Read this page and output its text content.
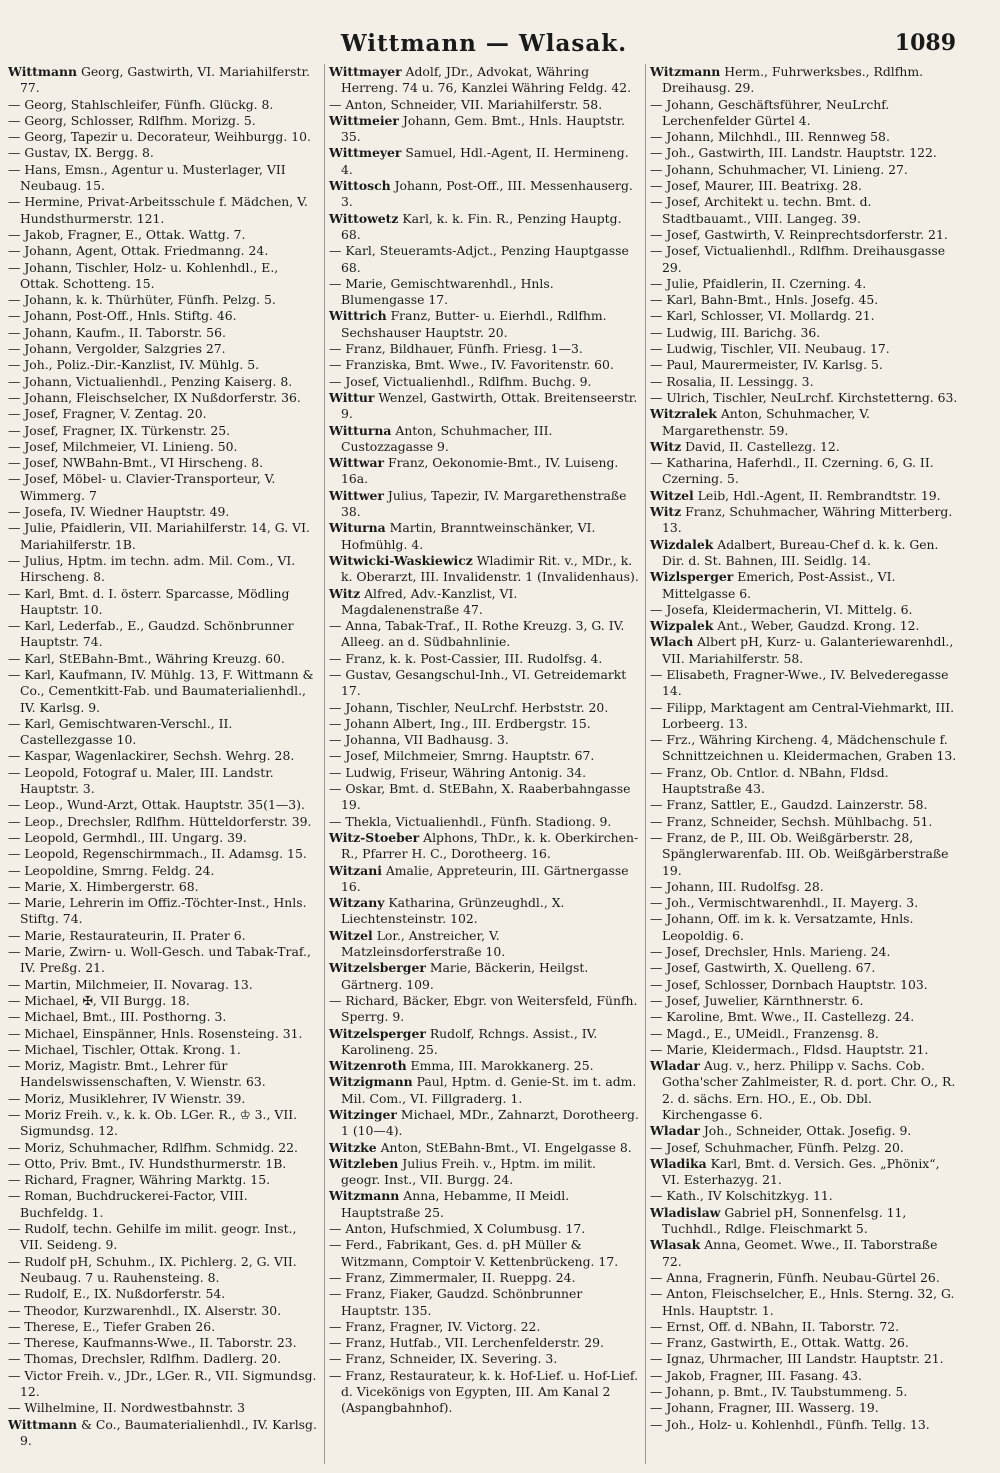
Wittmann — Wlasak.	1089

Wittmann Georg, Gastwirth, VI. Mariahilferstr. 77.

— Georg, Stahlschleifer, Fünfh. Glückg. 8.

— Georg, Schlosser, Rdlfhm. Morizg. 5.

— Georg, Tapezir u. Decorateur, Weihburgg. 10.

— Gustav, IX. Bergg. 8.

— Hans, Emsn., Agentur u. Musterlager, VII Neubaug. 15.

— Hermine, Privat-Arbeitsschule f. Mädchen, V. Hundsthurmerstr. 121.

— Jakob, Fragner, E., Ottak. Wattg. 7.

— Johann, Agent, Ottak. Friedmanng. 24.

— Johann, Tischler, Holz- u. Kohlenhdl., E., Ottak. Schotteng. 15.

— Johann, k. k. Thürhüter, Fünfh. Pelzg. 5.

— Johann, Post-Off., Hnls. Stiftg. 46.

— Johann, Kaufm., II. Taborstr. 56.

— Johann, Vergolder, Salzgries 27.

— Joh., Poliz.-Dir.-Kanzlist, IV. Mühlg. 5.

— Johann, Victualienhdl., Penzing Kaiserg. 8.

— Johann, Fleischselcher, IX Nußdorferstr. 36.

— Josef, Fragner, V. Zentag. 20.

— Josef, Fragner, IX. Türkenstr. 25.

— Josef, Milchmeier, VI. Linieng. 50.

— Josef, NWBahn-Bmt., VI Hirscheng. 8.

— Josef, Möbel- u. Clavier-Transporteur, V. Wimmerg. 7

— Josefa, IV. Wiedner Hauptstr. 49.

— Julie, Pfaidlerin, VII. Mariahilferstr. 14, G. VI. Mariahilferstr. 1B.

— Julius, Hptm. im techn. adm. Mil. Com., VI. Hirscheng. 8.

— Karl, Bmt. d. I. österr. Sparcasse, Mödling Hauptstr. 10.

— Karl, Lederfab., E., Gaudzd. Schönbrunner Hauptstr. 74.

— Karl, StEBahn-Bmt., Währing Kreuzg. 60.

— Karl, Kaufmann, IV. Mühlg. 13, F. Wittmann & Co., Cementkitt-Fab. und Baumaterialienhdl., IV. Karlsg. 9.

— Karl, Gemischtwaren-Verschl., II. Castellezgasse 10.

— Kaspar, Wagenlackirer, Sechsh. Wehrg. 28.

— Leopold, Fotograf u. Maler, III. Landstr. Hauptstr. 3.

— Leop., Wund-Arzt, Ottak. Hauptstr. 35(1—3).

— Leop., Drechsler, Rdlfhm. Hütteldorferstr. 39.

— Leopold, Germhdl., III. Ungarg. 39.

— Leopold, Regenschirmmach., II. Adamsg. 15.

— Leopoldine, Smrng. Feldg. 24.

— Marie, X. Himbergerstr. 68.

— Marie, Lehrerin im Offiz.-Töchter-Inst., Hnls. Stiftg. 74.

— Marie, Restaurateurin, II. Prater 6.

— Marie, Zwirn- u. Woll-Gesch. und Tabak-Traf., IV. Preßg. 21.

— Martin, Milchmeier, II. Novarag. 13.

— Michael, ✠, VII Burgg. 18.

— Michael, Bmt., III. Posthorng. 3.

— Michael, Einspänner, Hnls. Rosensteing. 31.

— Michael, Tischler, Ottak. Krong. 1.

— Moriz, Magistr. Bmt., Lehrer für Handelswissenschaften, V. Wienstr. 63.

— Moriz, Musiklehrer, IV Wienstr. 39.

— Moriz Freih. v., k. k. Ob. LGer. R., ♔ 3., VII. Sigmundsg. 12.

— Moriz, Schuhmacher, Rdlfhm. Schmidg. 22.

— Otto, Priv. Bmt., IV. Hundsthurmerstr. 1B.

— Richard, Fragner, Währing Marktg. 15.

— Roman, Buchdruckerei-Factor, VIII. Buchfeldg. 1.

— Rudolf, techn. Gehilfe im milit. geogr. Inst., VII. Seideng. 9.

— Rudolf pH, Schuhm., IX. Pichlerg. 2, G. VII. Neubaug. 7 u. Rauhensteing. 8.

— Rudolf, E., IX. Nußdorferstr. 54.

— Theodor, Kurzwarenhdl., IX. Alserstr. 30.

— Therese, E., Tiefer Graben 26.

— Therese, Kaufmanns-Wwe., II. Taborstr. 23.

— Thomas, Drechsler, Rdlfhm. Dadlerg. 20.

— Victor Freih. v., JDr., LGer. R., VII. Sigmundsg. 12.

— Wilhelmine, II. Nordwestbahnstr. 3

Wittmann & Co., Baumaterialienhdl., IV. Karlsg. 9.

Wittmayer Adolf, JDr., Advokat, Währing Herreng. 74 u. 76, Kanzlei Währing Feldg. 42.

— Anton, Schneider, VII. Mariahilferstr. 58.

Wittmeier Johann, Gem. Bmt., Hnls. Hauptstr. 35.

Wittmeyer Samuel, Hdl.-Agent, II. Hermineng. 4.

Wittosch Johann, Post-Off., III. Messenhauserg. 3.

Wittowetz Karl, k. k. Fin. R., Penzing Hauptg. 68.

— Karl, Steueramts-Adjct., Penzing Hauptgasse 68.

— Marie, Gemischtwarenhdl., Hnls. Blumengasse 17.

Wittrich Franz, Butter- u. Eierhdl., Rdlfhm. Sechshauser Hauptstr. 20.

— Franz, Bildhauer, Fünfh. Friesg. 1—3.

— Franziska, Bmt. Wwe., IV. Favoritenstr. 60.

— Josef, Victualienhdl., Rdlfhm. Buchg. 9.

Wittur Wenzel, Gastwirth, Ottak. Breitenseerstr. 9.

Witturna Anton, Schuhmacher, III. Custozzagasse 9.

Wittwar Franz, Oekonomie-Bmt., IV. Luiseng. 16a.

Wittwer Julius, Tapezir, IV. Margarethenstraße 38.

Witurna Martin, Branntweinschänker, VI. Hofmühlg. 4.

Witwicki-Waskiewicz Wladimir Rit. v., MDr., k. k. Oberarzt, III. Invalidenstr. 1 (Invalidenhaus).

Witz Alfred, Adv.-Kanzlist, VI. Magdalenenstraße 47.

— Anna, Tabak-Traf., II. Rothe Kreuzg. 3, G. IV. Alleeg. an d. Südbahnlinie.

— Franz, k. k. Post-Cassier, III. Rudolfsg. 4.

— Gustav, Gesangschul-Inh., VI. Getreidemarkt 17.

— Johann, Tischler, NeuLrchf. Herbststr. 20.

— Johann Albert, Ing., III. Erdbergstr. 15.

— Johanna, VII Badhausg. 3.

— Josef, Milchmeier, Smrng. Hauptstr. 67.

— Ludwig, Friseur, Währing Antonig. 34.

— Oskar, Bmt. d. StEBahn, X. Raaberbahngasse 19.

— Thekla, Victualienhdl., Fünfh. Stadiong. 9.

Witz-Stoeber Alphons, ThDr., k. k. Oberkirchen-R., Pfarrer H. C., Dorotheerg. 16.

Witzani Amalie, Appreteurin, III. Gärtnergasse 16.

Witzany Katharina, Grünzeughdl., X. Liechtensteinstr. 102.

Witzel Lor., Anstreicher, V. Matzleinsdorferstraße 10.

Witzelsberger Marie, Bäckerin, Heilgst. Gärtnerg. 109.

— Richard, Bäcker, Ebgr. von Weitersfeld, Fünfh. Sperrg. 9.

Witzelsperger Rudolf, Rchngs. Assist., IV. Karolineng. 25.

Witzenroth Emma, III. Marokkanerg. 25.

Witzigmann Paul, Hptm. d. Genie-St. im t. adm. Mil. Com., VI. Fillgraderg. 1.

Witzinger Michael, MDr., Zahnarzt, Dorotheerg. 1 (10—4).

Witzke Anton, StEBahn-Bmt., VI. Engelgasse 8.

Witzleben Julius Freih. v., Hptm. im milit. geogr. Inst., VII. Burgg. 24.

Witzmann Anna, Hebamme, II Meidl. Hauptstraße 25.

— Anton, Hufschmied, X Columbusg. 17.

— Ferd., Fabrikant, Ges. d. pH Müller & Witzmann, Comptoir V. Kettenbrückeng. 17.

— Franz, Zimmermaler, II. Rueppg. 24.

— Franz, Fiaker, Gaudzd. Schönbrunner Hauptstr. 135.

— Franz, Fragner, IV. Victorg. 22.

— Franz, Hutfab., VII. Lerchenfelderstr. 29.

— Franz, Schneider, IX. Severing. 3.

— Franz, Restaurateur, k. k. Hof-Lief. u. Hof-Lief. d. Vicekönigs von Egypten, III. Am Kanal 2 (Aspangbahnhof).

Witzmann Herm., Fuhrwerksbes., Rdlfhm. Dreihausg. 29.

— Johann, Geschäftsführer, NeuLrchf. Lerchenfelder Gürtel 4.

— Johann, Milchhdl., III. Rennweg 58.

— Joh., Gastwirth, III. Landstr. Hauptstr. 122.

— Johann, Schuhmacher, VI. Linieng. 27.

— Josef, Maurer, III. Beatrixg. 28.

— Josef, Architekt u. techn. Bmt. d. Stadtbauamt., VIII. Langeg. 39.

— Josef, Gastwirth, V. Reinprechtsdorferstr. 21.

— Josef, Victualienhdl., Rdlfhm. Dreihausgasse 29.

— Julie, Pfaidlerin, II. Czerning. 4.

— Karl, Bahn-Bmt., Hnls. Josefg. 45.

— Karl, Schlosser, VI. Mollardg. 21.

— Ludwig, III. Barichg. 36.

— Ludwig, Tischler, VII. Neubaug. 17.

— Paul, Maurermeister, IV. Karlsg. 5.

— Rosalia, II. Lessingg. 3.

— Ulrich, Tischler, NeuLrchf. Kirchstetterng. 63.

Witzralek Anton, Schuhmacher, V. Margarethenstr. 59.

Witz David, II. Castellezg. 12.

— Katharina, Haferhdl., II. Czerning. 6, G. II. Czerning. 5.

Witzel Leib, Hdl.-Agent, II. Rembrandtstr. 19.

Witz Franz, Schuhmacher, Währing Mitterberg. 13.

Wizdalek Adalbert, Bureau-Chef d. k. k. Gen. Dir. d. St. Bahnen, III. Seidlg. 14.

Wizlsperger Emerich, Post-Assist., VI. Mittelgasse 6.

— Josefa, Kleidermacherin, VI. Mittelg. 6.

Wizpalek Ant., Weber, Gaudzd. Krong. 12.

Wlach Albert pH, Kurz- u. Galanteriewarenhdl., VII. Mariahilferstr. 58.

— Elisabeth, Fragner-Wwe., IV. Belvederegasse 14.

— Filipp, Marktagent am Central-Viehmarkt, III. Lorbeerg. 13.

— Frz., Währing Kircheng. 4, Mädchenschule f. Schnittzeichnen u. Kleidermachen, Graben 13.

— Franz, Ob. Cntlor. d. NBahn, Fldsd. Hauptstraße 43.

— Franz, Sattler, E., Gaudzd. Lainzerstr. 58.

— Franz, Schneider, Sechsh. Mühlbachg. 51.

— Franz, de P., III. Ob. Weißgärberstr. 28, Spänglerwarenfab. III. Ob. Weißgärberstraße 19.

— Johann, III. Rudolfsg. 28.

— Joh., Vermischtwarenhdl., II. Mayerg. 3.

— Johann, Off. im k. k. Versatzamte, Hnls. Leopoldig. 6.

— Josef, Drechsler, Hnls. Marieng. 24.

— Josef, Gastwirth, X. Quelleng. 67.

— Josef, Schlosser, Dornbach Hauptstr. 103.

— Josef, Juwelier, Kärnthnerstr. 6.

— Karoline, Bmt. Wwe., II. Castellezg. 24.

— Magd., E., UMeidl., Franzensg. 8.

— Marie, Kleidermach., Fldsd. Hauptstr. 21.

Wladar Aug. v., herz. Philipp v. Sachs. Cob. Gotha'scher Zahlmeister, R. d. port. Chr. O., R. 2. d. sächs. Ern. HO., E., Ob. Dbl. Kirchengasse 6.

Wladar Joh., Schneider, Ottak. Josefig. 9.

— Josef, Schuhmacher, Fünfh. Pelzg. 20.

Wladika Karl, Bmt. d. Versich. Ges. „Phönix“, VI. Esterhazyg. 21.

— Kath., IV Kolschitzkyg. 11.

Wladislaw Gabriel pH, Sonnenfelsg. 11, Tuchhdl., Rdlge. Fleischmarkt 5.

Wlasak Anna, Geomet. Wwe., II. Taborstraße 72.

— Anna, Fragnerin, Fünfh. Neubau-Gürtel 26.

— Anton, Fleischselcher, E., Hnls. Sterng. 32, G. Hnls. Hauptstr. 1.

— Ernst, Off. d. NBahn, II. Taborstr. 72.

— Franz, Gastwirth, E., Ottak. Wattg. 26.

— Ignaz, Uhrmacher, III Landstr. Hauptstr. 21.

— Jakob, Fragner, III. Fasang. 43.

— Johann, p. Bmt., IV. Taubstummeng. 5.

— Johann, Fragner, III. Wasserg. 19.

— Joh., Holz- u. Kohlenhdl., Fünfh. Tellg. 13.
